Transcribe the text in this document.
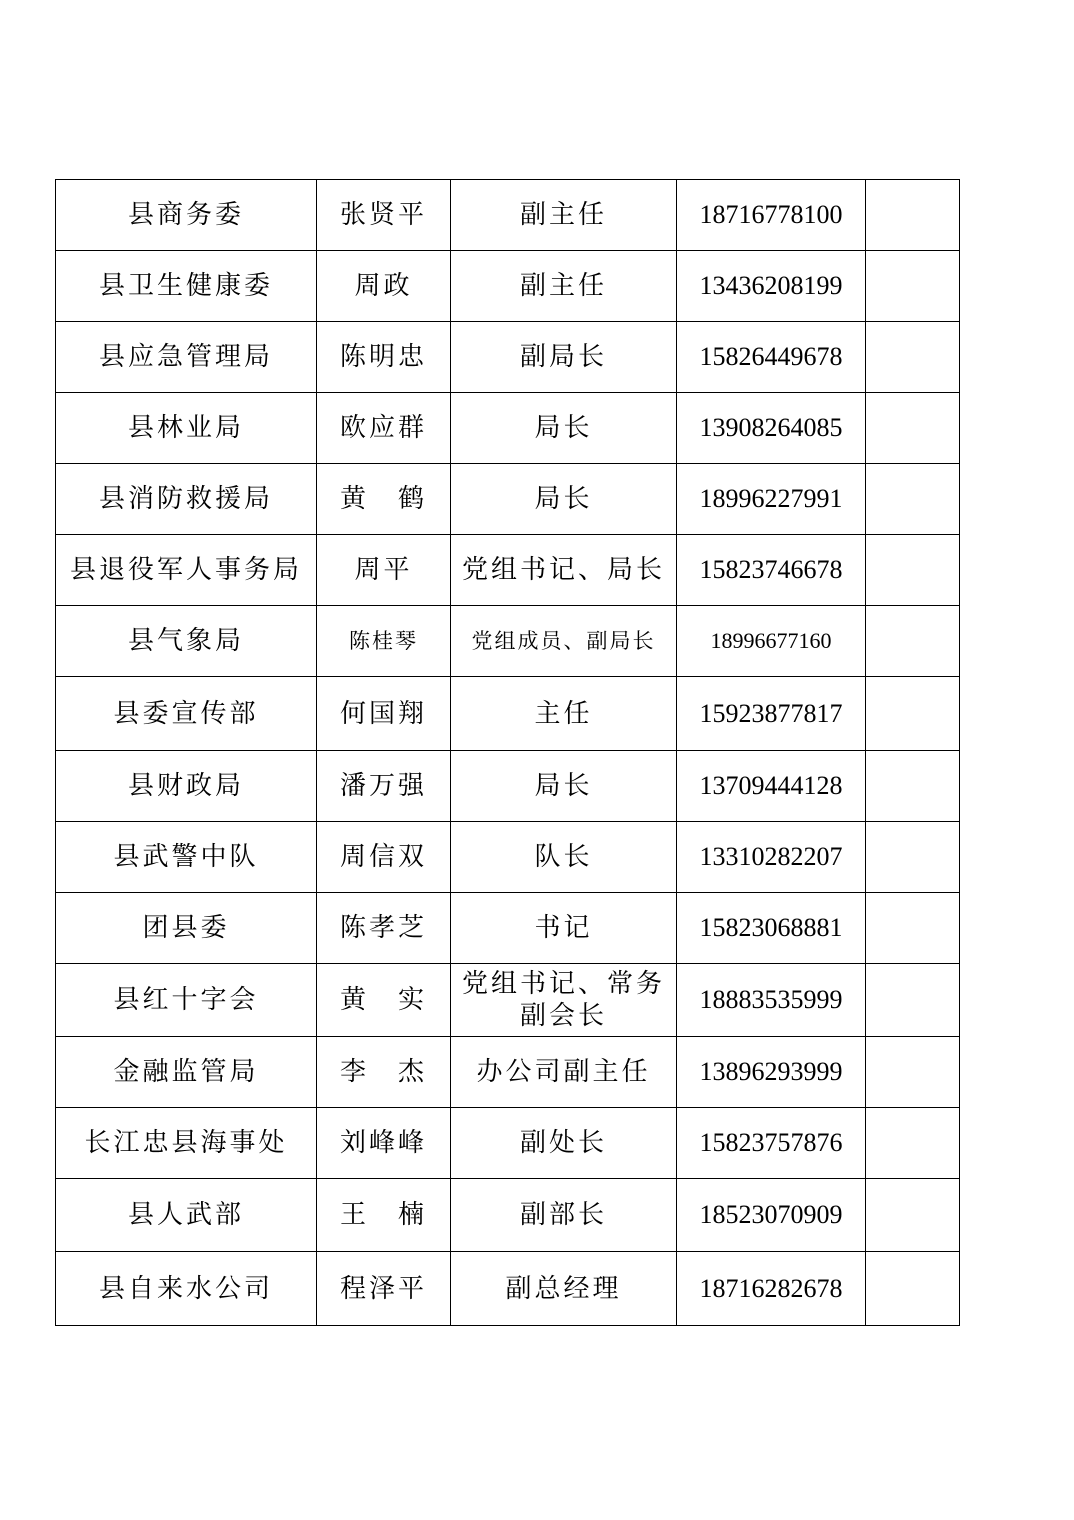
县商务委	张贤平	副主任	18716778100	
县卫生健康委	周政	副主任	13436208199	
县应急管理局	陈明忠	副局长	15826449678	
县林业局	欧应群	局长	13908264085	
县消防救援局	黄　鹤	局长	18996227991	
县退役军人事务局	周平	党组书记、局长	15823746678	
县气象局	陈桂琴	党组成员、副局长	18996677160	
县委宣传部	何国翔	主任	15923877817	
县财政局	潘万强	局长	13709444128	
县武警中队	周信双	队长	13310282207	
团县委	陈孝芝	书记	15823068881	
县红十字会	黄　实	党组书记、常务副会长	18883535999	
金融监管局	李　杰	办公司副主任	13896293999	
长江忠县海事处	刘峰峰	副处长	15823757876	
县人武部	王　楠	副部长	18523070909	
县自来水公司	程泽平	副总经理	18716282678	
